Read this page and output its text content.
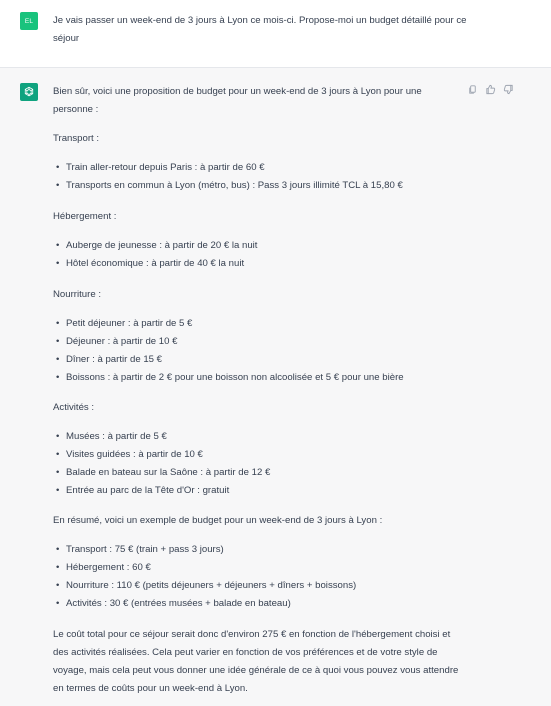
EL	Je vais passer un week-end de 3 jours à Lyon ce mois-ci. Propose-moi un budget détaillé pour ce séjour

Bien sûr, voici une proposition de budget pour un week-end de 3 jours à Lyon pour une personne :

Transport :
• Train aller-retour depuis Paris : à partir de 60 €
• Transports en commun à Lyon (métro, bus) : Pass 3 jours illimité TCL à 15,80 €
Hébergement :
• Auberge de jeunesse : à partir de 20 € la nuit
• Hôtel économique : à partir de 40 € la nuit
Nourriture :
• Petit déjeuner : à partir de 5 €
• Déjeuner : à partir de 10 €
• Dîner : à partir de 15 €
• Boissons : à partir de 2 € pour une boisson non alcoolisée et 5 € pour une bière
Activités :
• Musées : à partir de 5 €
• Visites guidées : à partir de 10 €
• Balade en bateau sur la Saône : à partir de 12 €
• Entrée au parc de la Tête d'Or : gratuit
En résumé, voici un exemple de budget pour un week-end de 3 jours à Lyon :
• Transport : 75 € (train + pass 3 jours)
• Hébergement : 60 €
• Nourriture : 110 € (petits déjeuners + déjeuners + dîners + boissons)
• Activités : 30 € (entrées musées + balade en bateau)

Le coût total pour ce séjour serait donc d'environ 275 € en fonction de l'hébergement choisi et des activités réalisées. Cela peut varier en fonction de vos préférences et de votre style de voyage, mais cela peut vous donner une idée générale de ce à quoi vous pouvez vous attendre en termes de coûts pour un week-end à Lyon.
